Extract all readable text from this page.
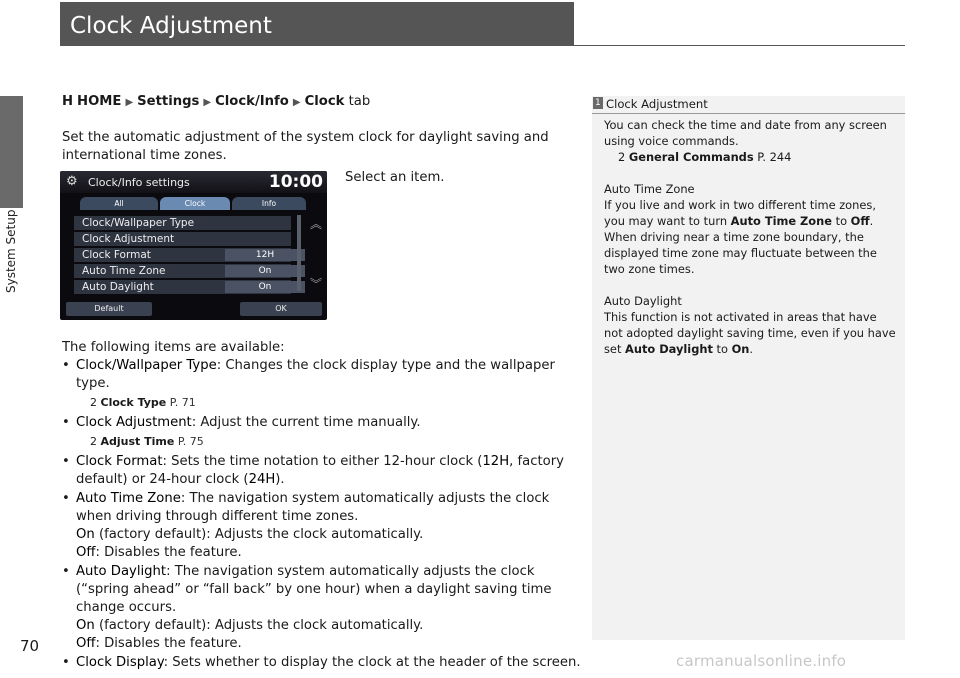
System Setup
Clock Adjustment
H HOME ▶ Settings ▶ Clock/Info ▶ Clock tab
Set the automatic adjustment of the system clock for daylight saving and international time zones.
Select an item.
The following items are available:
• Clock/Wallpaper Type: Changes the clock display type and the wallpaper type.
2 Clock Type P. 71
• Clock Adjustment: Adjust the current time manually.
2 Adjust Time P. 75
• Clock Format: Sets the time notation to either 12-hour clock (12H, factory default) or 24-hour clock (24H).
• Auto Time Zone: The navigation system automatically adjusts the clock when driving through different time zones.
On (factory default): Adjusts the clock automatically.
Off: Disables the feature.
• Auto Daylight: The navigation system automatically adjusts the clock (“spring ahead” or “fall back” by one hour) when a daylight saving time change occurs.
On (factory default): Adjusts the clock automatically.
Off: Disables the feature.
• Clock Display: Sets whether to display the clock at the header of the screen.
⚙ Clock/Info settings	10:00
All	Clock	Info
Clock/Wallpaper Type
Clock Adjustment
Clock Format	12H
Auto Time Zone	On
Auto Daylight	On
︽
︾
Default	OK
1 Clock Adjustment

You can check the time and date from any screen using voice commands.
2 General Commands P. 244

Auto Time Zone
If you live and work in two different time zones, you may want to turn Auto Time Zone to Off. When driving near a time zone boundary, the displayed time zone may fluctuate between the two zone times.

Auto Daylight
This function is not activated in areas that have not adopted daylight saving time, even if you have set Auto Daylight to On.

70
carmanualsonline.info
